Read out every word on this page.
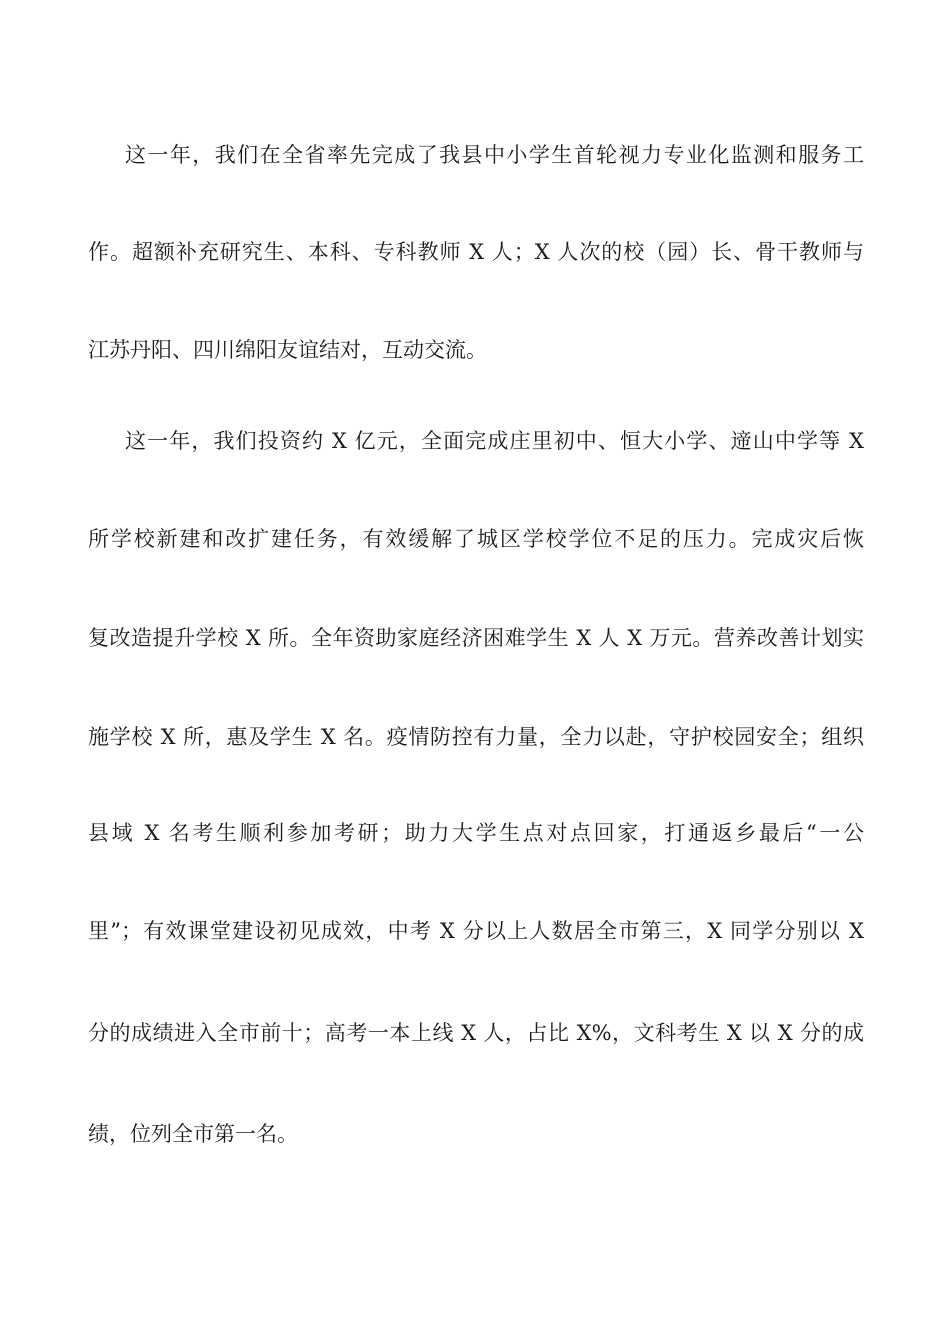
这一年，我们在全省率先完成了我县中小学生首轮视力专业化监测和服务工
作。超额补充研究生、本科、专科教师 X 人；X 人次的校（园）长、骨干教师与
江苏丹阳、四川绵阳友谊结对，互动交流。
这一年，我们投资约 X 亿元，全面完成庄里初中、恒大小学、遆山中学等 X
所学校新建和改扩建任务，有效缓解了城区学校学位不足的压力。完成灾后恢
复改造提升学校 X 所。全年资助家庭经济困难学生 X 人 X 万元。营养改善计划实
施学校 X 所，惠及学生 X 名。疫情防控有力量，全力以赴，守护校园安全；组织
县域 X 名考生顺利参加考研；助力大学生点对点回家，打通返乡最后“一公
里”；有效课堂建设初见成效，中考 X 分以上人数居全市第三，X 同学分别以 X
分的成绩进入全市前十；高考一本上线 X 人，占比 X%，文科考生 X 以 X 分的成
绩，位列全市第一名。
